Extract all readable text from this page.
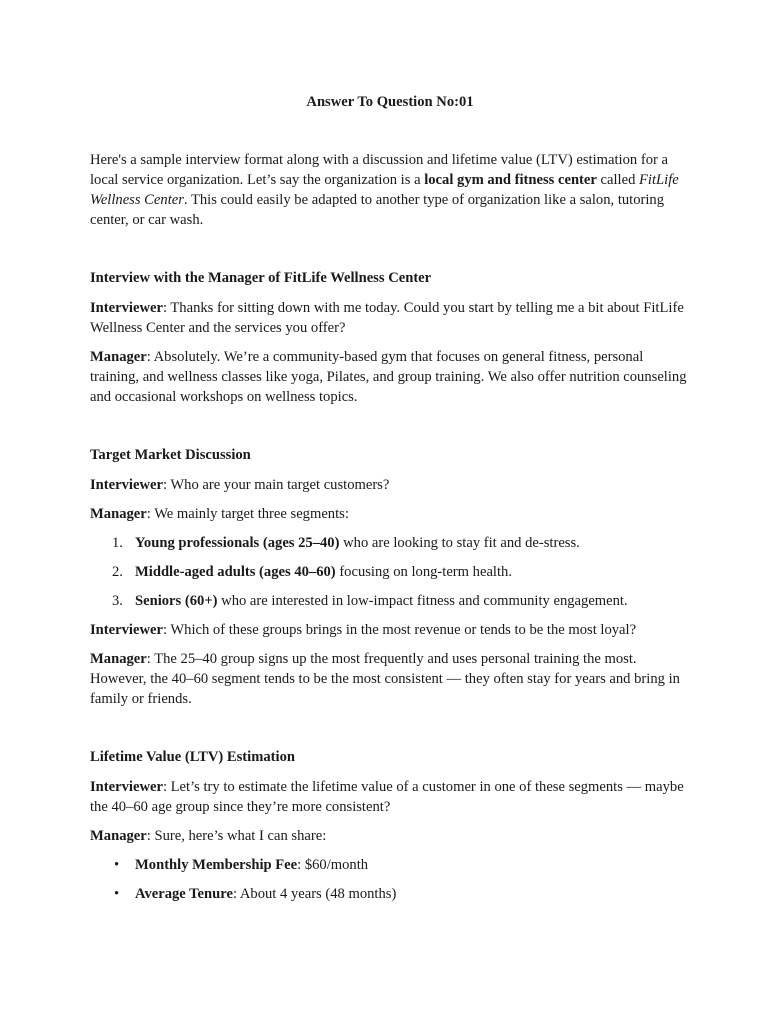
Answer To Question No:01

Here's a sample interview format along with a discussion and lifetime value (LTV) estimation for a local service organization. Let’s say the organization is a local gym and fitness center called FitLife Wellness Center. This could easily be adapted to another type of organization like a salon, tutoring center, or car wash.

Interview with the Manager of FitLife Wellness Center

Interviewer: Thanks for sitting down with me today. Could you start by telling me a bit about FitLife Wellness Center and the services you offer?

Manager: Absolutely. We’re a community-based gym that focuses on general fitness, personal training, and wellness classes like yoga, Pilates, and group training. We also offer nutrition counseling and occasional workshops on wellness topics.

Target Market Discussion

Interviewer: Who are your main target customers?

Manager: We mainly target three segments:

1. Young professionals (ages 25–40) who are looking to stay fit and de-stress.
2. Middle-aged adults (ages 40–60) focusing on long-term health.
3. Seniors (60+) who are interested in low-impact fitness and community engagement.

Interviewer: Which of these groups brings in the most revenue or tends to be the most loyal?

Manager: The 25–40 group signs up the most frequently and uses personal training the most. However, the 40–60 segment tends to be the most consistent — they often stay for years and bring in family or friends.

Lifetime Value (LTV) Estimation

Interviewer: Let’s try to estimate the lifetime value of a customer in one of these segments — maybe the 40–60 age group since they’re more consistent?

Manager: Sure, here’s what I can share:

• Monthly Membership Fee: $60/month
• Average Tenure: About 4 years (48 months)
